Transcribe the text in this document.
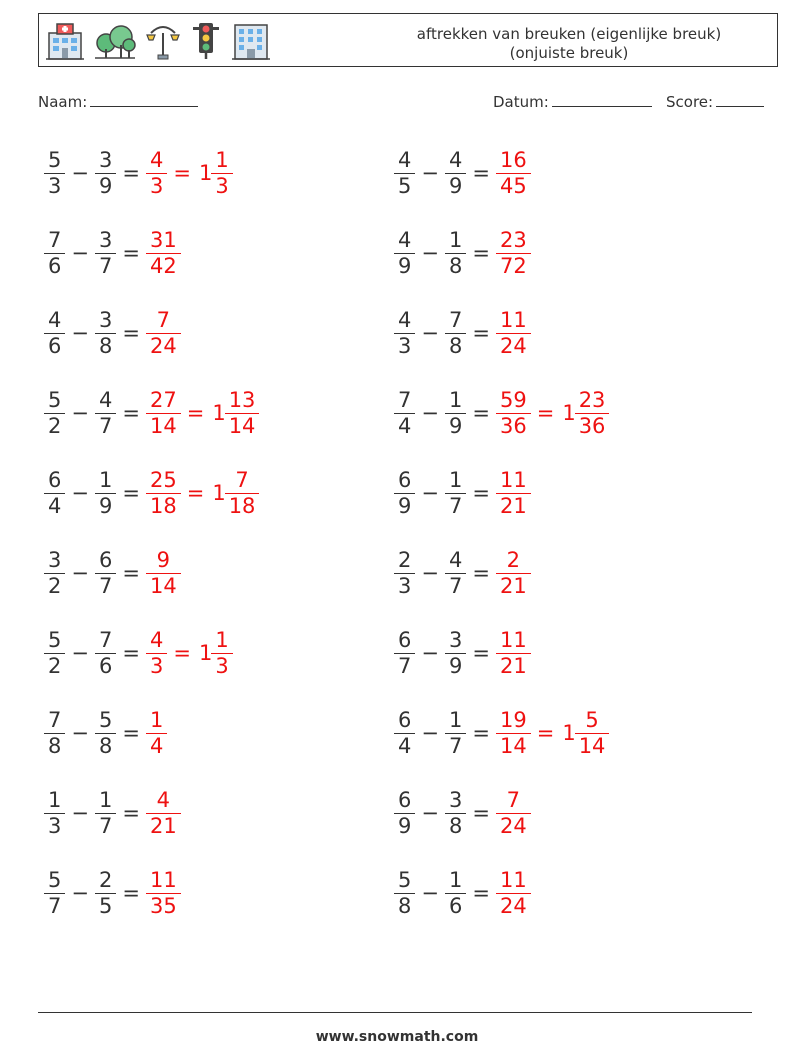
aftrekken van breuken (eigenlijke breuk)
(onjuiste breuk)
Naam:	Datum:	Score:
$\frac{5}{3} - \frac{3}{9} = \frac{4}{3} = 1 \frac{1}{3}$	$\frac{4}{5} - \frac{4}{9} = \frac{16}{45}$
$\frac{7}{6} - \frac{3}{7} = \frac{31}{42}$	$\frac{4}{9} - \frac{1}{8} = \frac{23}{72}$
$\frac{4}{6} - \frac{3}{8} = \frac{7}{24}$	$\frac{4}{3} - \frac{7}{8} = \frac{11}{24}$
$\frac{5}{2} - \frac{4}{7} = \frac{27}{14} = 1 \frac{13}{14}$	$\frac{7}{4} - \frac{1}{9} = \frac{59}{36} = 1 \frac{23}{36}$
$\frac{6}{4} - \frac{1}{9} = \frac{25}{18} = 1 \frac{7}{18}$	$\frac{6}{9} - \frac{1}{7} = \frac{11}{21}$
$\frac{3}{2} - \frac{6}{7} = \frac{9}{14}$	$\frac{2}{3} - \frac{4}{7} = \frac{2}{21}$
$\frac{5}{2} - \frac{7}{6} = \frac{4}{3} = 1 \frac{1}{3}$	$\frac{6}{7} - \frac{3}{9} = \frac{11}{21}$
$\frac{7}{8} - \frac{5}{8} = \frac{1}{4}$	$\frac{6}{4} - \frac{1}{7} = \frac{19}{14} = 1 \frac{5}{14}$
$\frac{1}{3} - \frac{1}{7} = \frac{4}{21}$	$\frac{6}{9} - \frac{3}{8} = \frac{7}{24}$
$\frac{5}{7} - \frac{2}{5} = \frac{11}{35}$	$\frac{5}{8} - \frac{1}{6} = \frac{11}{24}$
www.snowmath.com
